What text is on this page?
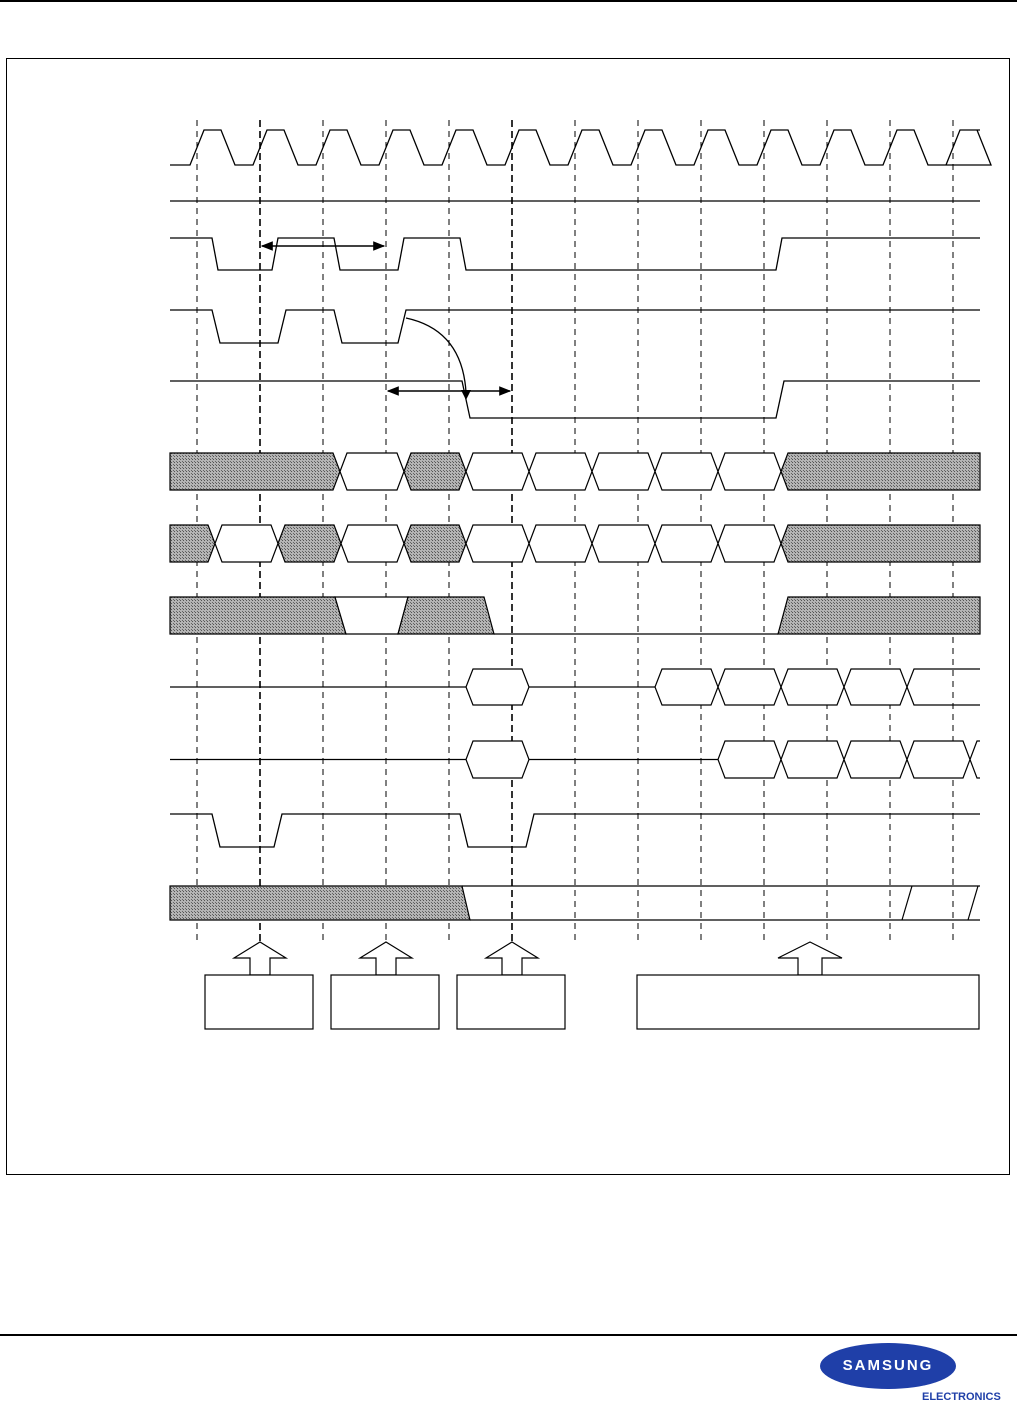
SAMSUNG
ELECTRONICS
